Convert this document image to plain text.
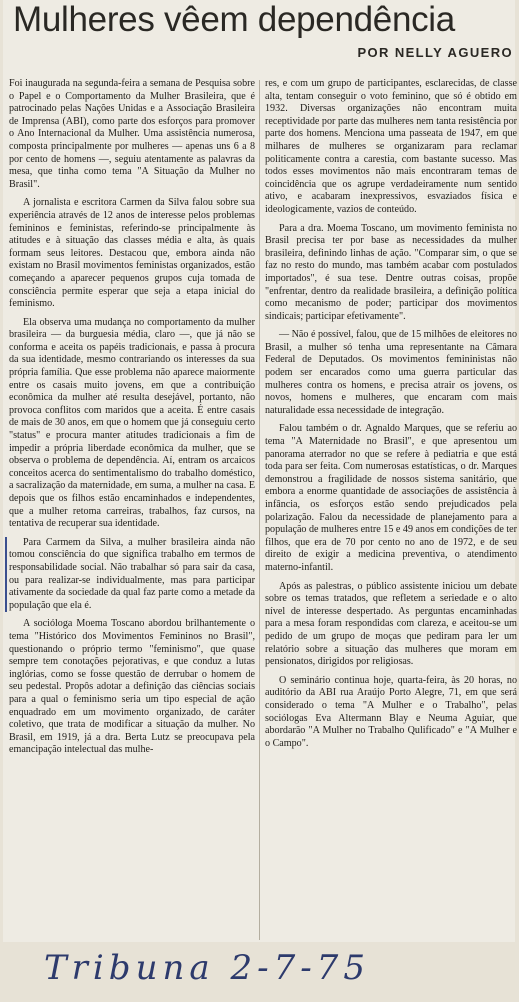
Mulheres vêem dependência
POR NELLY AGUERO

Foi inaugurada na segunda-feira a semana de Pesquisa sobre o Papel e o Comportamento da Mulher Brasileira, que é patrocinado pelas Nações Unidas e a Associação Brasileira de Imprensa (ABI), como parte dos esforços para promover o Ano Internacional da Mulher. Uma assistência numerosa, composta principalmente por mulheres — apenas uns 6 a 8 por cento de homens —, seguiu atentamente as palavras da mesa, que tinha como tema "A Situação da Mulher no Brasil".

A jornalista e escritora Carmen da Silva falou sobre sua experiência através de 12 anos de interesse pelos problemas femininos e feministas, referindo-se principalmente às atitudes e à situação das classes média e alta, às quais formam seus leitores. Destacou que, embora ainda não existam no Brasil movimentos feministas organizados, estão começando a aparecer pequenos grupos cuja tomada de consciência permite esperar que seja a etapa inicial do feminismo.

Ela observa uma mudança no comportamento da mulher brasileira — da burguesia média, claro —, que já não se conforma e aceita os papéis tradicionais, e passa à procura da sua identidade, mesmo contrariando os interesses da sua própria família. Que esse problema não aparece maiormente entre os casais muito jovens, em que a contribuição econômica da mulher até resulta desejável, portanto, não provoca conflitos com maridos que a aceita. É entre casais de mais de 30 anos, em que o homem que já conseguiu certo "status" e procura manter atitudes tradicionais a fim de impedir a própria liberdade econômica da mulher, que se observa o problema de dependência. Aí, entram os arcaicos conceitos acerca do sentimentalismo do trabalho doméstico, a sacralização da maternidade, em suma, a mulher na casa. E depois que os filhos estão encaminhados e independentes, que a mulher retoma carreiras, trabalhos, faz cursos, na tentativa de recuperar sua identidade.

Para Carmem da Silva, a mulher brasileira ainda não tomou consciência do que significa trabalho em termos de responsabilidade social. Não trabalhar só para sair da casa, ou para realizar-se individualmente, mas para participar ativamente da sociedade da qual faz parte como a metade da população que ela é.

A socióloga Moema Toscano abordou brilhantemente o tema "Histórico dos Movimentos Femininos no Brasil", questionando o próprio termo "feminismo", que quase sempre tem conotações pejorativas, e que conduz a lutas inglórias, como se fosse questão de derrubar o homem de seu pedestal. Propôs adotar a definição das ciências sociais para a qual o feminismo seria um tipo especial de ação enquadrado em um movimento organizado, de caráter coletivo, que trata de modificar a situação da mulher. No Brasil, em 1919, já a dra. Berta Lutz se preocupava pela emancipação intelectual das mulhe-

res, e com um grupo de participantes, esclarecidas, de classe alta, tentam conseguir o voto feminino, que só é obtido em 1932. Diversas organizações não encontram muita receptividade por parte das mulheres nem tanta resistência por parte dos homens. Menciona uma passeata de 1947, em que milhares de mulheres se organizaram para reclamar politicamente contra a carestia, com bastante sucesso. Mas todos esses movimentos não mais encontraram temas de coincidência que os agrupe verdadeiramente num sentido ativo, e acabaram inexpressivos, esvaziados física e ideologicamente, vazios de conteúdo.

Para a dra. Moema Toscano, um movimento feminista no Brasil precisa ter por base as necessidades da mulher brasileira, definindo linhas de ação. "Comparar sim, o que se faz no resto do mundo, mas também acabar com postulados importados", é sua tese. Dentre outras coisas, propõe "enfrentar, dentro da realidade brasileira, a definição política como mecanismo de poder; participar dos movimentos sindicais; participar efetivamente".

— Não é possível, falou, que de 15 milhões de eleitores no Brasil, a mulher só tenha uma representante na Câmara Federal de Deputados. Os movimentos femininistas não podem ser encarados como uma guerra particular das mulheres contra os homens, e precisa atrair os jovens, os novos, homens e mulheres, que encaram com mais naturalidade essa necessidade de integração.

Falou também o dr. Agnaldo Marques, que se referiu ao tema "A Maternidade no Brasil", e que apresentou um panorama aterrador no que se refere à pediatria e que está toda para ser feita. Com numerosas estatísticas, o dr. Marques demonstrou a fragilidade de nossos sistema sanitário, que embora a enorme quantidade de associações de assistência à infância, os esforços estão sendo prejudicados pela polarização. Falou da necessidade de planejamento para a população de mulheres entre 15 e 49 anos em condições de ter filhos, que era de 70 por cento no ano de 1972, e de seu direito de exigir a medicina preventiva, o atendimento materno-infantil.

Após as palestras, o público assistente iniciou um debate sobre os temas tratados, que refletem a seriedade e o alto nível de interesse despertado. As perguntas encaminhadas para a mesa foram respondidas com clareza, e aceitou-se um pedido de um grupo de moças que pediram para ler um relatório sobre a situação das mulheres que moram em pensionatos, dirigidos por religiosas.

O seminário continua hoje, quarta-feira, às 20 horas, no auditório da ABI rua Araújo Porto Alegre, 71, em que será considerado o tema "A Mulher e o Trabalho", pelas sociólogas Eva Altermann Blay e Neuma Aguiar, que abordarão "A Mulher no Trabalho Qulificado" e "A Mulher e o Campo".

Tribuna 2-7-75
